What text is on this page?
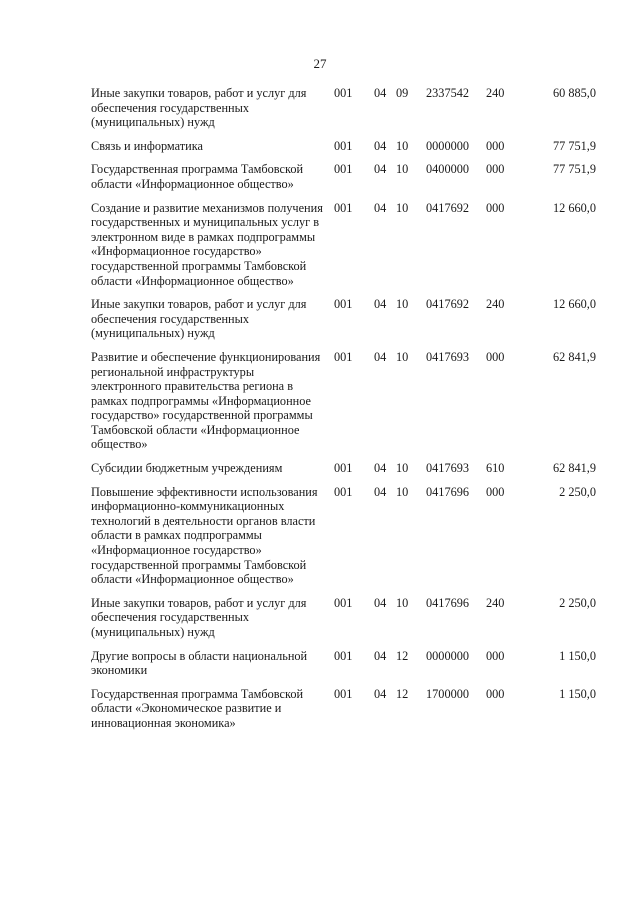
27
Иные закупки товаров, работ и услуг для обеспечения государственных (муниципальных) нужд	001	04	09	2337542	240	60 885,0
Связь и информатика	001	04	10	0000000	000	77 751,9
Государственная программа Тамбовской области «Информационное общество»	001	04	10	0400000	000	77 751,9
Создание и развитие механизмов получения государственных и муниципальных услуг в электронном виде в рамках подпрограммы «Информационное государство» государственной программы Тамбовской области «Информационное общество»	001	04	10	0417692	000	12 660,0
Иные закупки товаров, работ и услуг для обеспечения государственных (муниципальных) нужд	001	04	10	0417692	240	12 660,0
Развитие и обеспечение функционирования региональной инфраструктуры электронного правительства региона в рамках подпрограммы «Информационное государство» государственной программы Тамбовской области «Информационное общество»	001	04	10	0417693	000	62 841,9
Субсидии бюджетным учреждениям	001	04	10	0417693	610	62 841,9
Повышение эффективности использования информационно-коммуникационных технологий в деятельности органов власти области в рамках подпрограммы «Информационное государство» государственной программы Тамбовской области «Информационное общество»	001	04	10	0417696	000	2 250,0
Иные закупки товаров, работ и услуг для обеспечения государственных (муниципальных) нужд	001	04	10	0417696	240	2 250,0
Другие вопросы в области национальной экономики	001	04	12	0000000	000	1 150,0
Государственная программа Тамбовской области «Экономическое развитие и инновационная экономика»	001	04	12	1700000	000	1 150,0
